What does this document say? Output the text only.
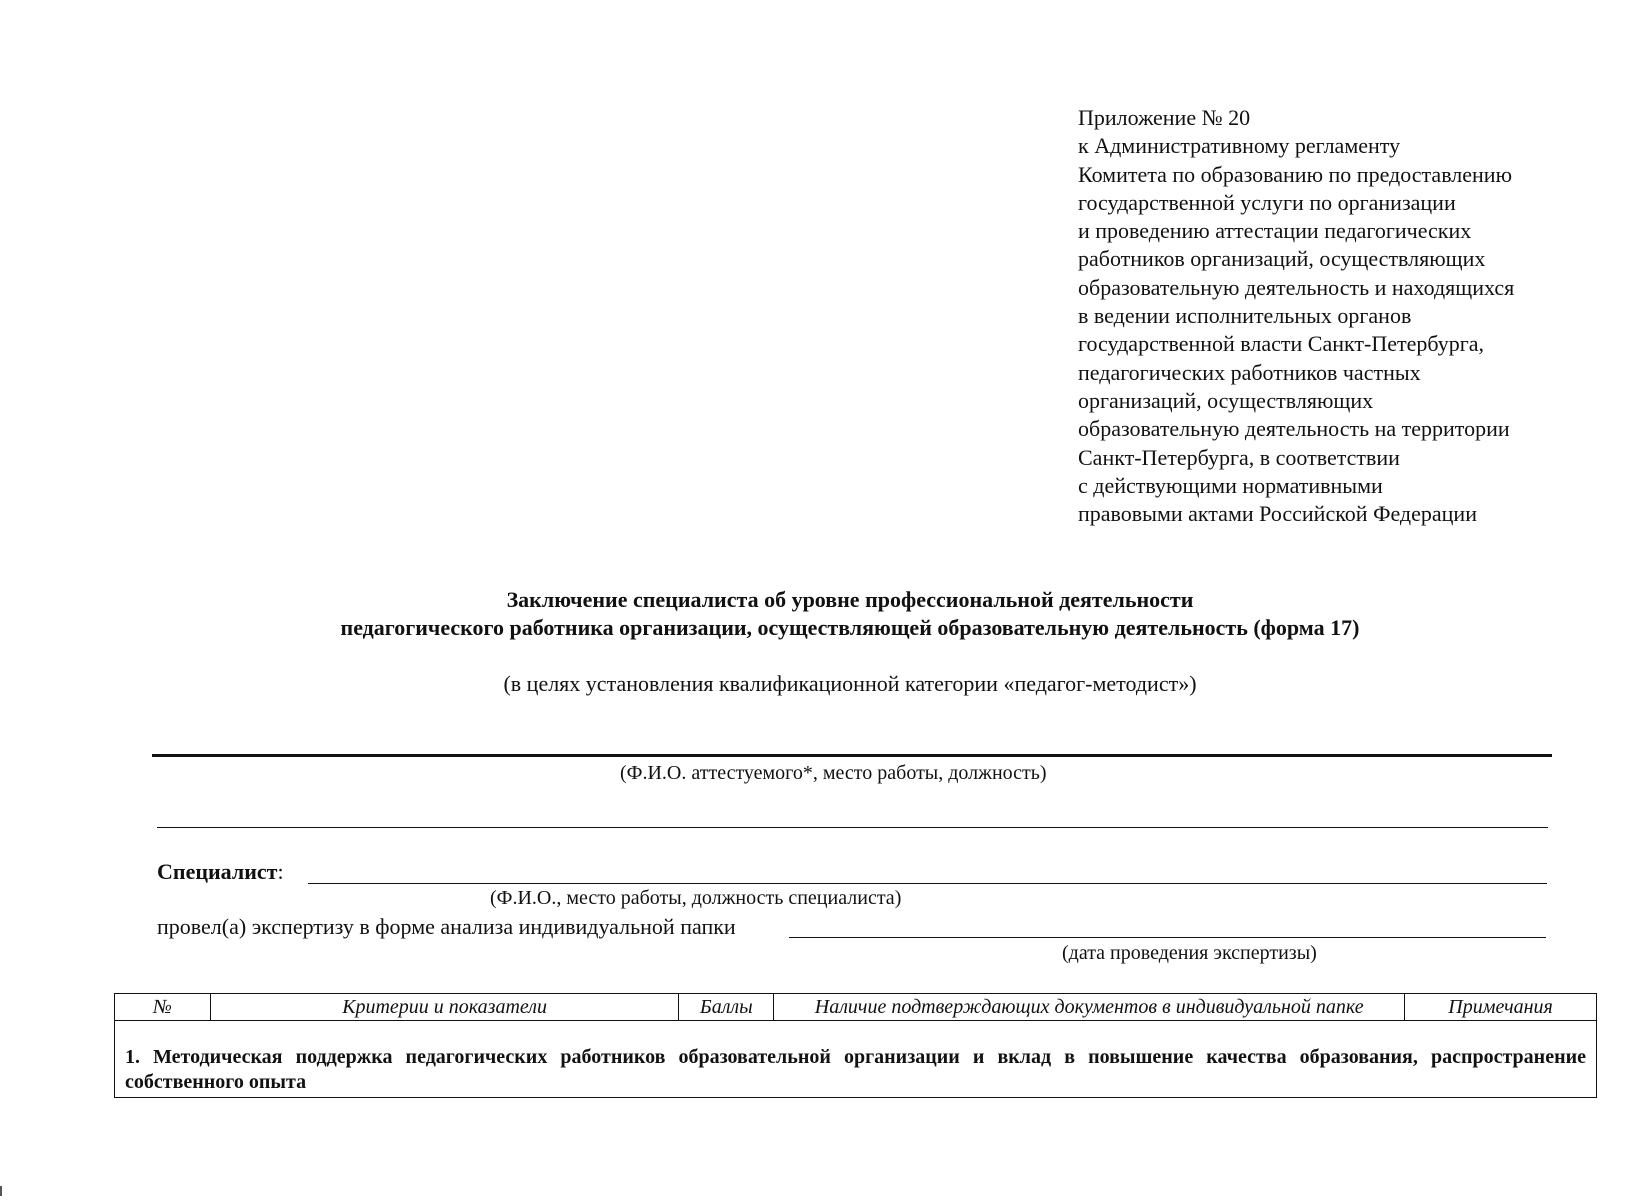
Приложение № 20
к Административному регламенту
Комитета по образованию по предоставлению
государственной услуги по организации
и проведению аттестации педагогических
работников организаций, осуществляющих
образовательную деятельность и находящихся
в ведении исполнительных органов
государственной власти Санкт-Петербурга,
педагогических работников частных
организаций, осуществляющих
образовательную деятельность на территории
Санкт-Петербурга, в соответствии
с действующими нормативными
правовыми актами Российской Федерации
Заключение специалиста об уровне профессиональной деятельности
педагогического работника организации, осуществляющей образовательную деятельность (форма 17)
(в целях установления квалификационной категории «педагог-методист»)
(Ф.И.О. аттестуемого*, место работы, должность)
Специалист:
(Ф.И.О., место работы, должность специалиста)
провел(а) экспертизу в форме анализа индивидуальной папки
(дата проведения экспертизы)
№	Критерии и показатели	Баллы	Наличие подтверждающих документов в индивидуальной папке	Примечания
1. Методическая поддержка педагогических работников образовательной организации и вклад в повышение качества образования, распространение собственного опыта
